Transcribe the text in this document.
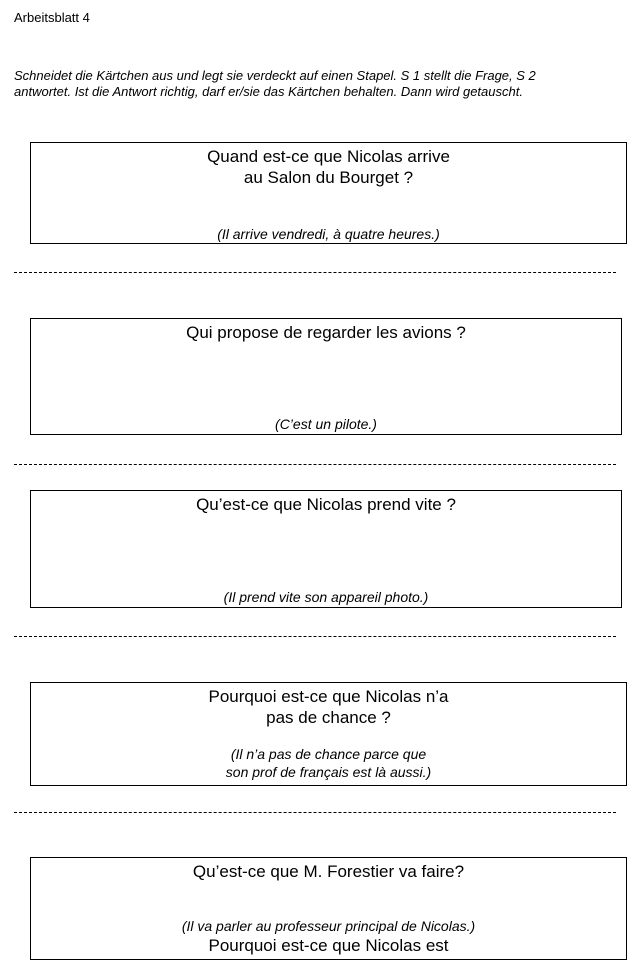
Arbeitsblatt 4
Schneidet die Kärtchen aus und legt sie verdeckt auf einen Stapel. S 1 stellt die Frage, S 2
antwortet. Ist die Antwort richtig, darf er/sie das Kärtchen behalten. Dann wird getauscht.
Quand est-ce que Nicolas arrive
au Salon du Bourget ?
(Il arrive vendredi, à quatre heures.)
Qui propose de regarder les avions ?
(C’est un pilote.)
Qu’est-ce que Nicolas prend vite ?
(Il prend vite son appareil photo.)
Pourquoi est-ce que Nicolas n’a
pas de chance ?
(Il n’a pas de chance parce que
son prof de français est là aussi.)
Qu’est-ce que M. Forestier va faire?
(Il va parler au professeur principal de Nicolas.)
Pourquoi est-ce que Nicolas est
